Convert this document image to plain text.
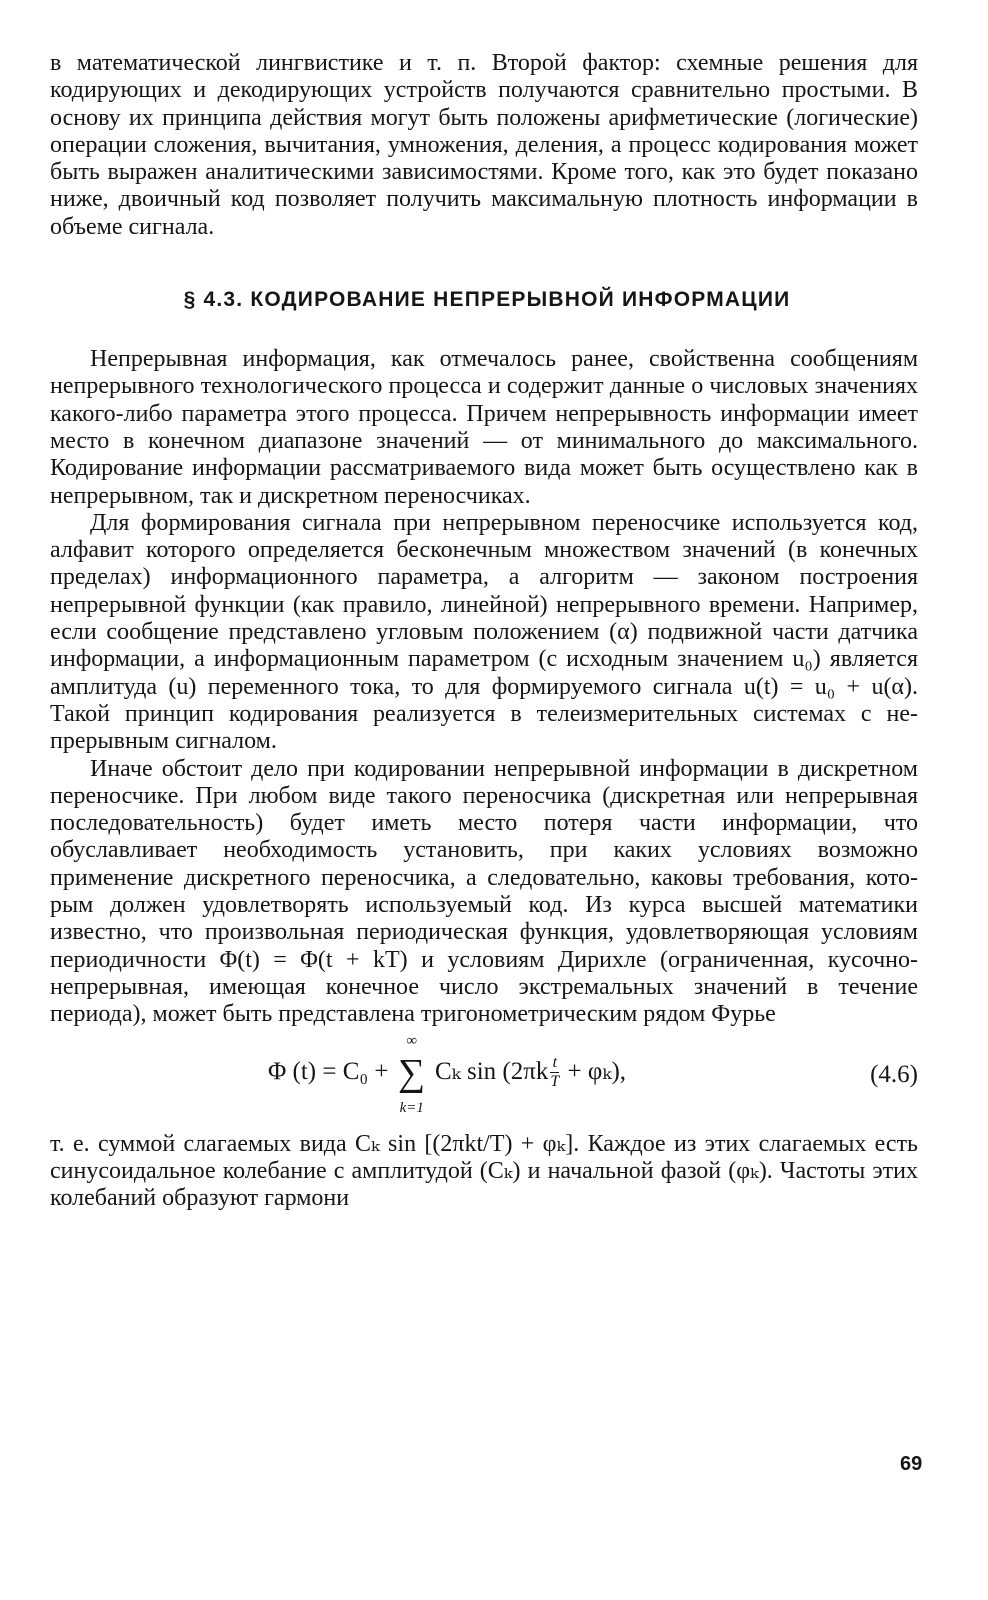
в математической лингвистике и т. п. Второй фактор: схемные решения для кодирующих и декодирующих устройств получаются сравнительно простыми. В основу их принципа действия могут быть положены арифметические (логические) операции сложения, вычитания, умножения, деления, а процесс кодирования может быть выражен аналитическими зависимостями. Кроме того, как это будет показано ниже, двоичный код позволяет получить максимальную плотность информации в объеме сигнала.

§ 4.3. КОДИРОВАНИЕ НЕПРЕРЫВНОЙ ИНФОРМАЦИИ

Непрерывная информация, как отмечалось ранее, свойственна сообщениям непрерывного технологического процесса и содержит данные о числовых значениях какого-либо параметра этого процесса. Причем непрерывность информации имеет место в конечном диапазоне значений — от минимального до максимального. Кодирование информации рассматриваемого вида может быть осуществлено как в непрерывном, так и дискретном переносчиках.

Для формирования сигнала при непрерывном переносчике используется код, алфавит которого определяется бесконечным множеством значений (в конечных пределах) информационного параметра, а алгоритм — законом построения непрерывной функции (как правило, линейной) непрерывного времени. Например, если сообщение представлено угловым положением (α) подвижной части датчика информации, а информационным параметром (с исходным значением u₀) является амплитуда (u) переменного тока, то для формируемого сигнала u(t) = u₀ + u(α). Такой принцип кодирования реализуется в телеизмерительных системах с непрерывным сигналом.

Иначе обстоит дело при кодировании непрерывной информации в дискретном переносчике. При любом виде такого переносчика (дискретная или непрерывная последовательность) будет иметь место потеря части информации, что обуславливает необходимость установить, при каких условиях возможно применение дискретного переносчика, а следовательно, каковы требования, которым должен удовлетворять используемый код. Из курса высшей математики известно, что произвольная периодическая функция, удовлетворяющая условиям периодичности Φ(t) = Φ(t + kT) и условиям Дирихле (ограниченная, кусочно-непрерывная, имеющая конечное число экстремальных значений в течение периода), может быть представлена тригонометрическим рядом Фурье

Φ (t) = C₀ +
∞
∑
k=1
Cₖ $\sin (2\pi k \frac{t}{T} + \varphi_k)$,	(4.6)

т. е. суммой слагаемых вида Cₖ sin [(2πkt/T) + φₖ]. Каждое из этих слагаемых есть синусоидальное колебание с амплитудой (Cₖ) и начальной фазой (φₖ). Частоты этих колебаний образуют гармони

69
